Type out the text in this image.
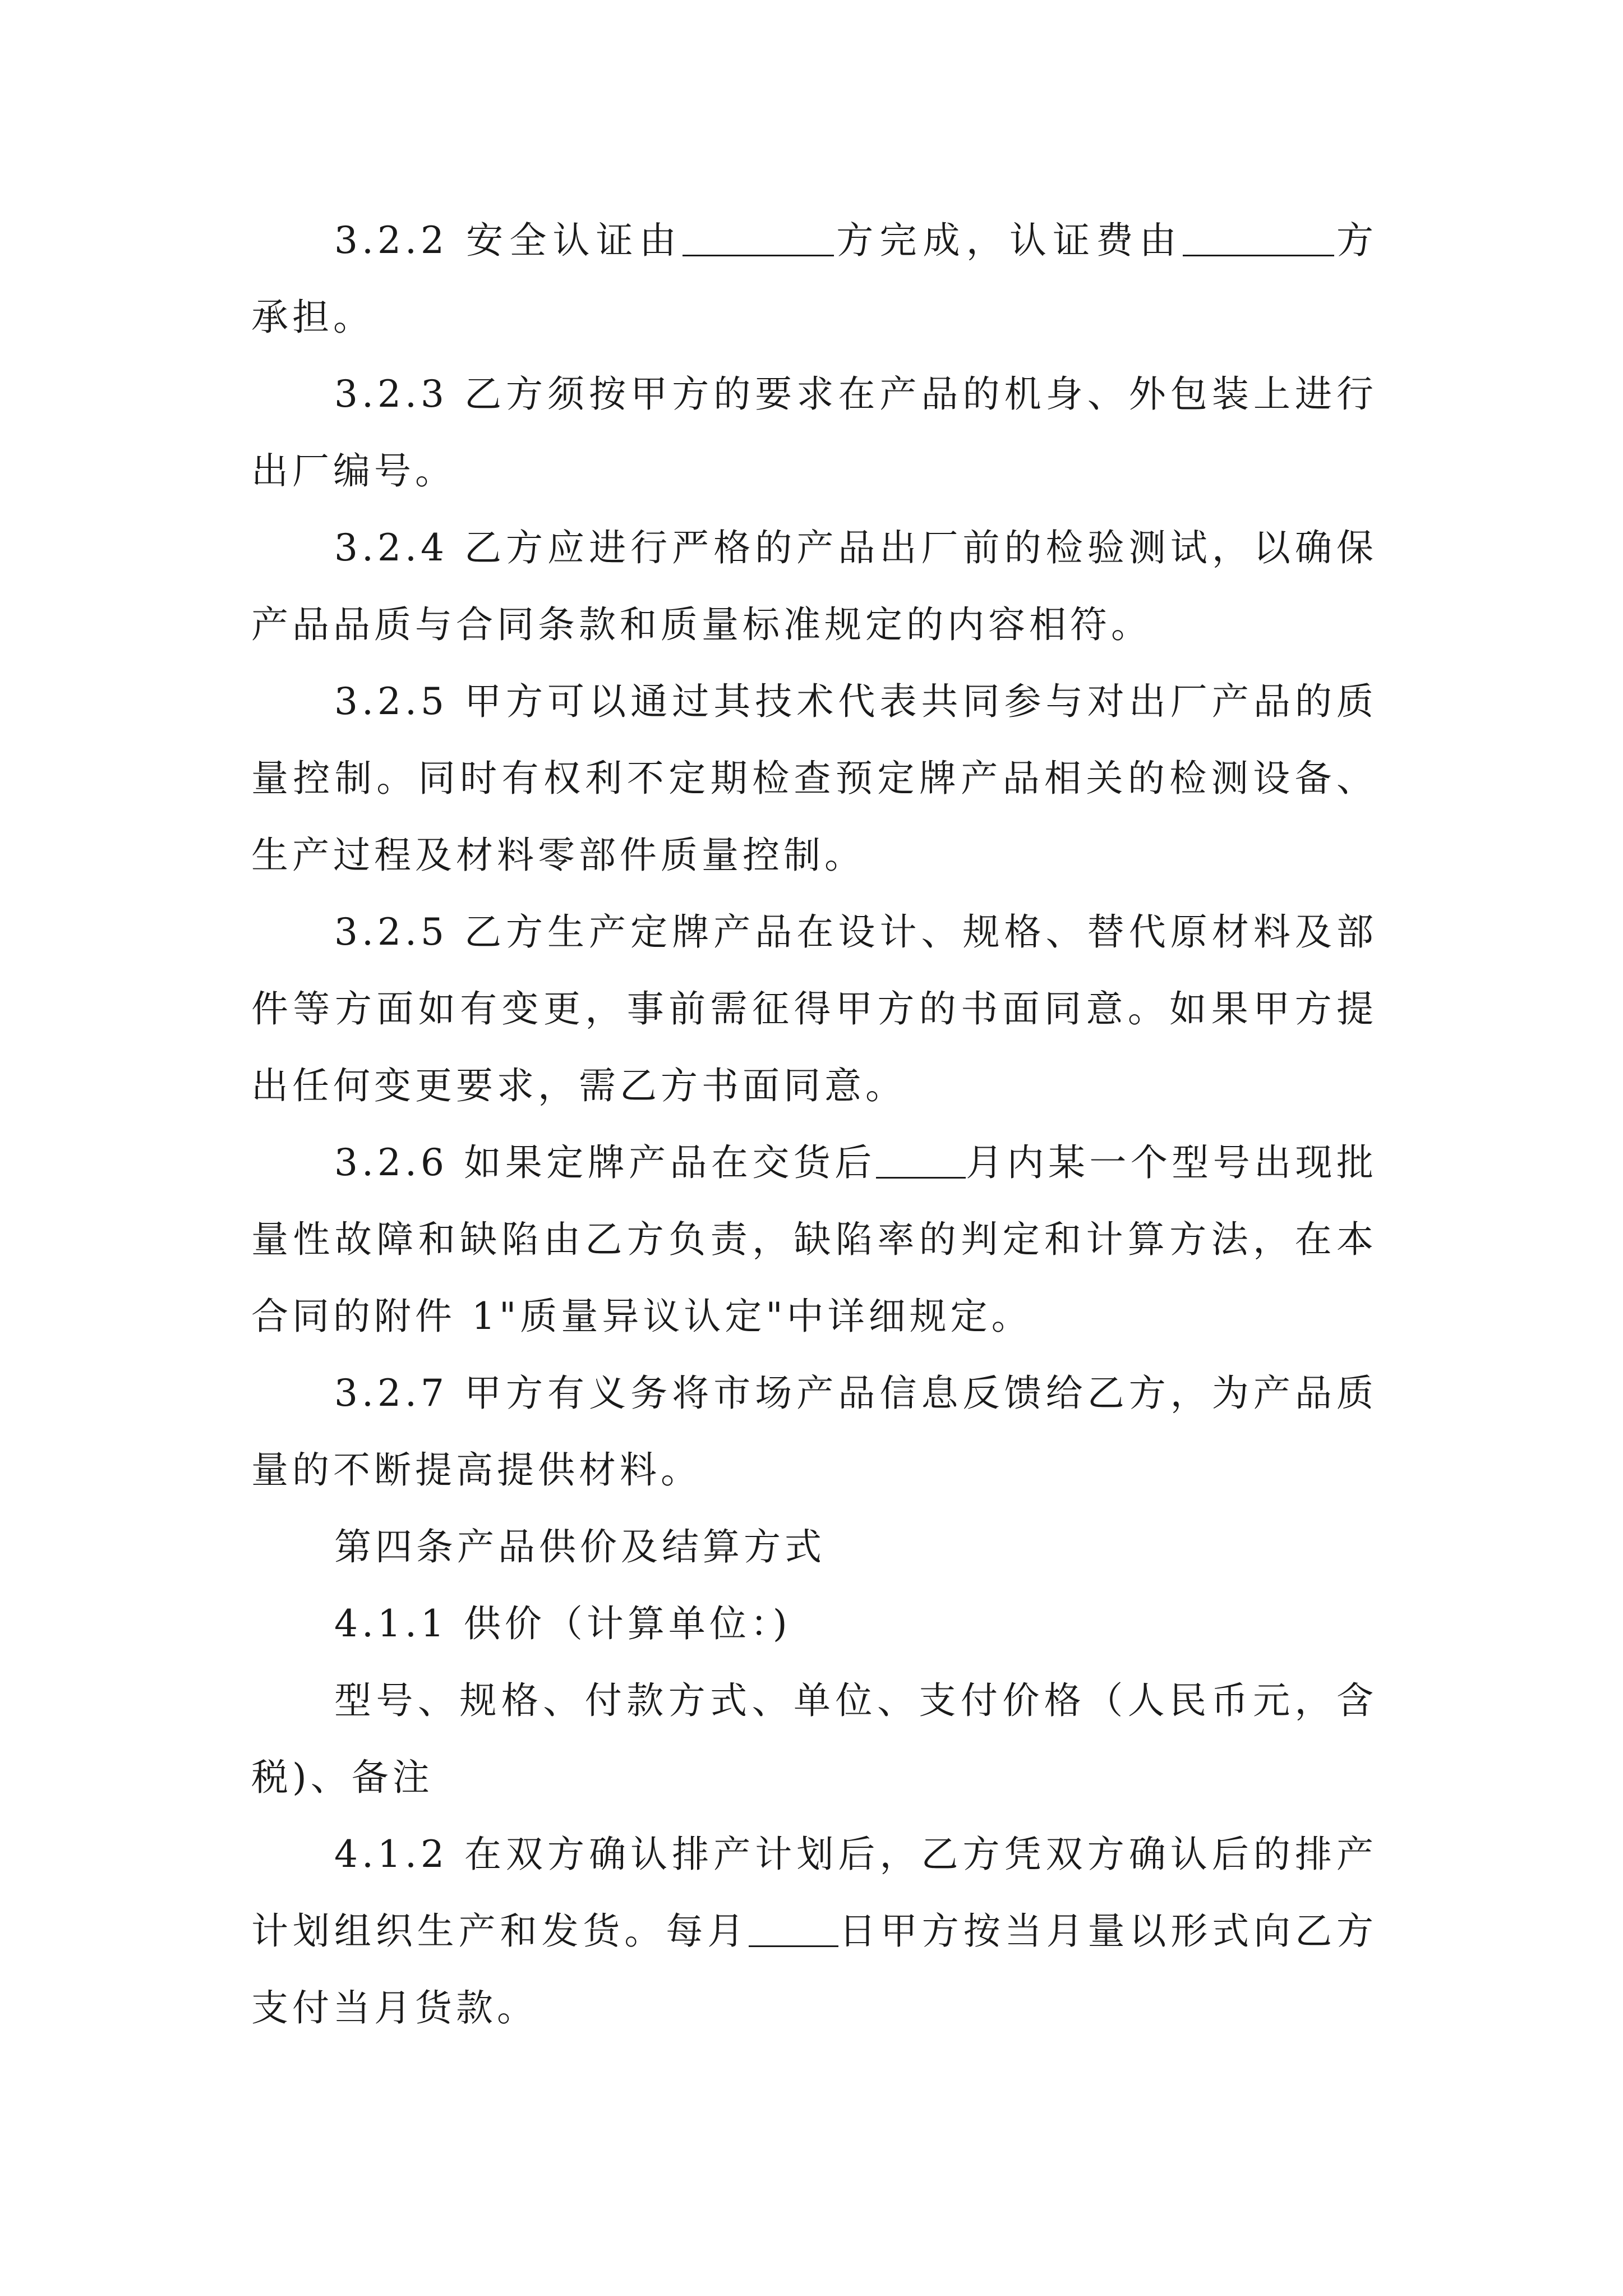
3.2.2 安全认证由	方完成，认证费由	方承担。

3.2.3 乙方须按甲方的要求在产品的机身、外包装上进行出厂编号。

3.2.4 乙方应进行严格的产品出厂前的检验测试，以确保产品品质与合同条款和质量标准规定的内容相符。

3.2.5 甲方可以通过其技术代表共同参与对出厂产品的质量控制。同时有权利不定期检查预定牌产品相关的检测设备、生产过程及材料零部件质量控制。

3.2.5 乙方生产定牌产品在设计、规格、替代原材料及部件等方面如有变更，事前需征得甲方的书面同意。如果甲方提出任何变更要求，需乙方书面同意。

3.2.6 如果定牌产品在交货后 月内某一个型号出现批量性故障和缺陷由乙方负责，缺陷率的判定和计算方法，在本合同的附件 1"质量异议认定"中详细规定。

3.2.7 甲方有义务将市场产品信息反馈给乙方，为产品质量的不断提高提供材料。

第四条产品供价及结算方式

4.1.1 供价（计算单位：)

型号、规格、付款方式、单位、支付价格（人民币元，含税)、备注

4.1.2 在双方确认排产计划后，乙方凭双方确认后的排产计划组织生产和发货。每月 日甲方按当月量以形式向乙方支付当月货款。
